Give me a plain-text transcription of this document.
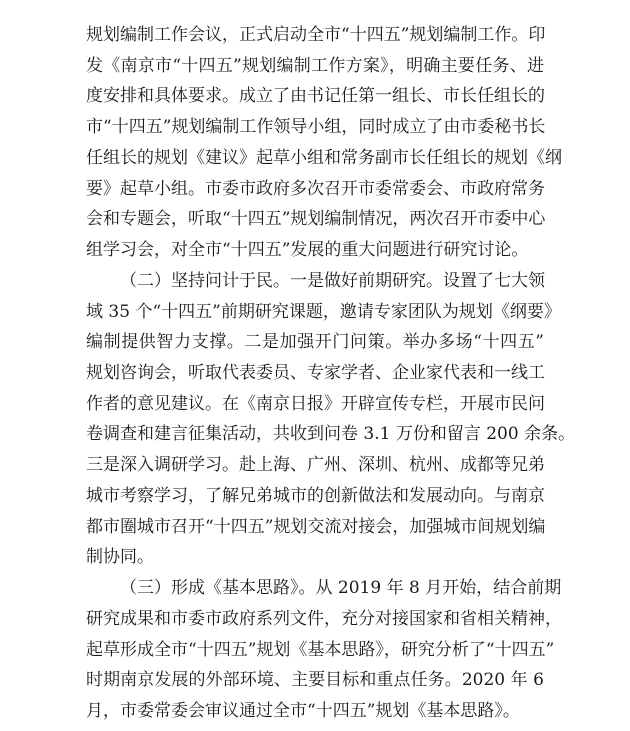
规划编制工作会议，正式启动全市“十四五”规划编制工作。印
发《南京市“十四五”规划编制工作方案》，明确主要任务、进
度安排和具体要求。成立了由书记任第一组长、市长任组长的
市“十四五”规划编制工作领导小组，同时成立了由市委秘书长
任组长的规划《建议》起草小组和常务副市长任组长的规划《纲
要》起草小组。市委市政府多次召开市委常委会、市政府常务
会和专题会，听取“十四五”规划编制情况，两次召开市委中心
组学习会，对全市“十四五”发展的重大问题进行研究讨论。
（二）坚持问计于民。一是做好前期研究。设置了七大领
域 35 个“十四五”前期研究课题，邀请专家团队为规划《纲要》
编制提供智力支撑。二是加强开门问策。举办多场“十四五”
规划咨询会，听取代表委员、专家学者、企业家代表和一线工
作者的意见建议。在《南京日报》开辟宣传专栏，开展市民问
卷调查和建言征集活动，共收到问卷 3.1 万份和留言 200 余条。
三是深入调研学习。赴上海、广州、深圳、杭州、成都等兄弟
城市考察学习，了解兄弟城市的创新做法和发展动向。与南京
都市圈城市召开“十四五”规划交流对接会，加强城市间规划编
制协同。
（三）形成《基本思路》。从 2019 年 8 月开始，结合前期
研究成果和市委市政府系列文件，充分对接国家和省相关精神，
起草形成全市“十四五”规划《基本思路》，研究分析了“十四五”
时期南京发展的外部环境、主要目标和重点任务。2020 年 6
月，市委常委会审议通过全市“十四五”规划《基本思路》。
